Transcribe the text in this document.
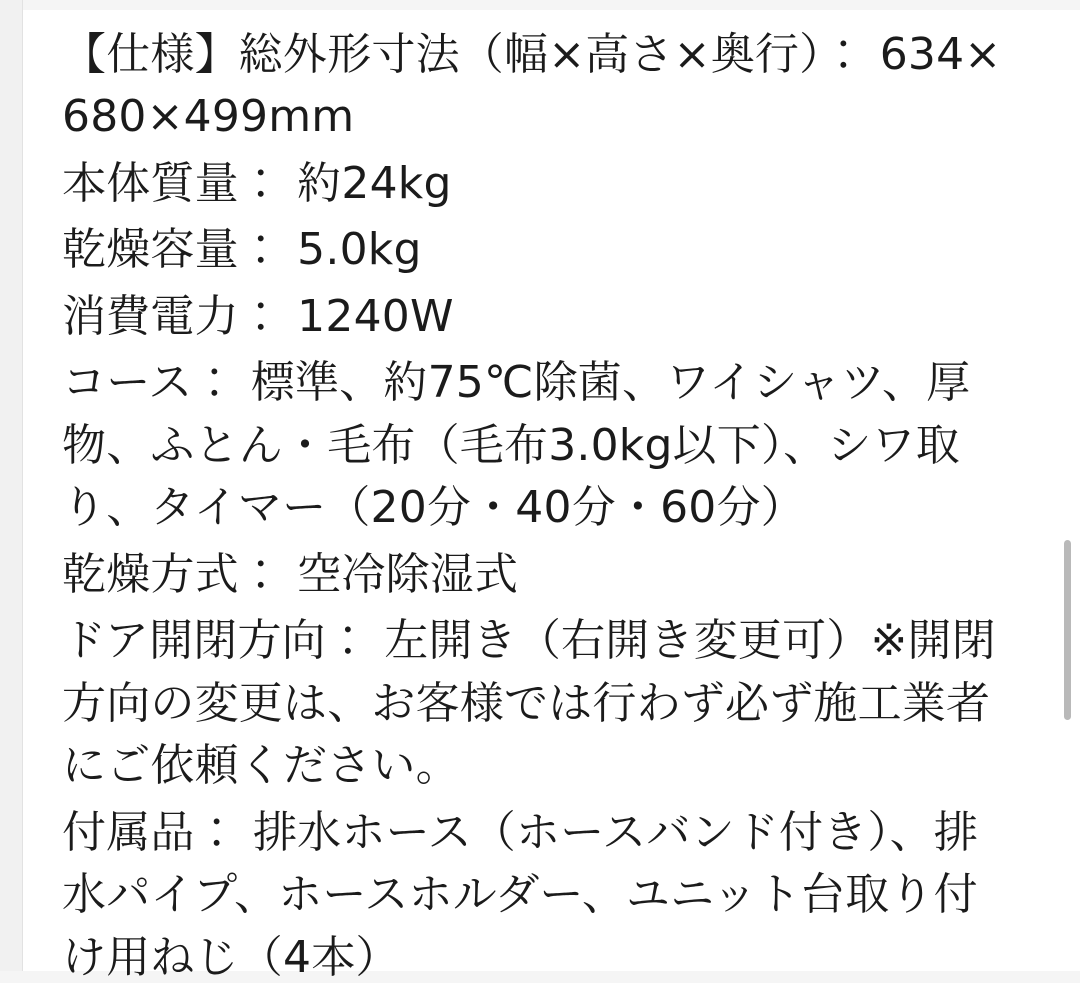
【仕様】総外形寸法（幅×高さ×奥行）： 634×680×499mm

本体質量： 約24kg

乾燥容量： 5.0kg

消費電力： 1240W

コース： 標準、約75℃除菌、ワイシャツ、厚物、ふとん・毛布（毛布3.0kg以下）、シワ取り、タイマー（20分・40分・60分）

乾燥方式： 空冷除湿式

ドア開閉方向： 左開き（右開き変更可）※開閉方向の変更は、お客様では行わず必ず施工業者にご依頼ください。

付属品： 排水ホース（ホースバンド付き）、排水パイプ、ホースホルダー、ユニット台取り付け用ねじ（4本）
